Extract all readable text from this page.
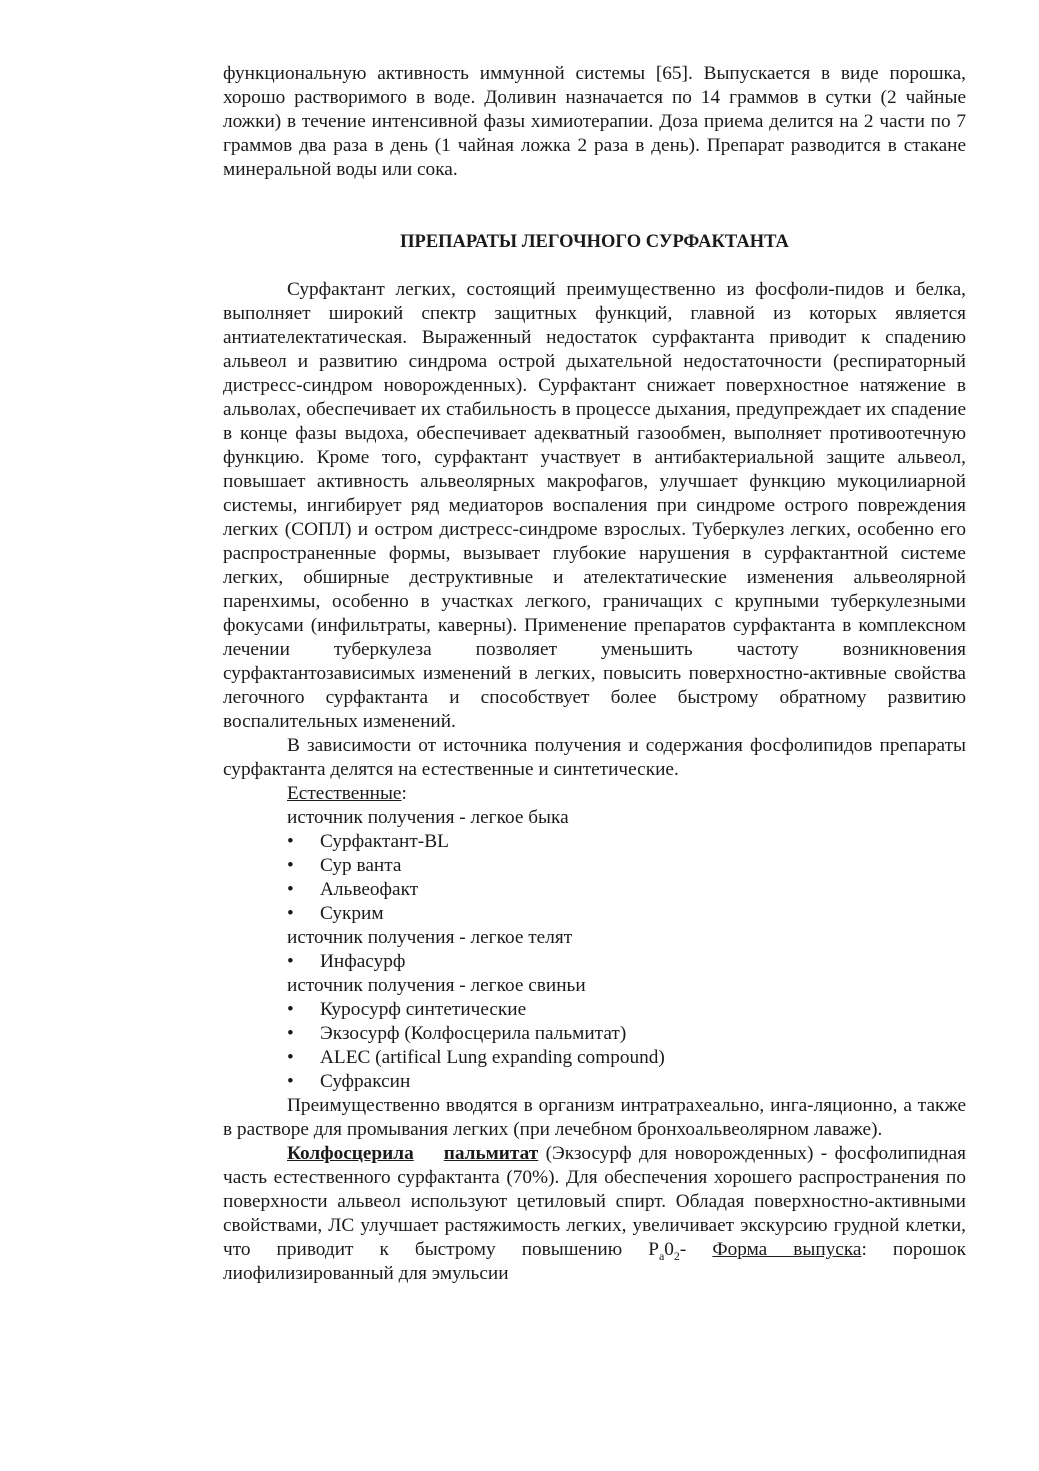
функциональную активность иммунной системы [65]. Выпускается в виде порошка, хорошо растворимого в воде. Доливин назначается по 14 граммов в сутки (2 чайные ложки) в течение интенсивной фазы химиотерапии. Доза приема делится на 2 части по 7 граммов два раза в день (1 чайная ложка 2 раза в день). Препарат разводится в стакане минеральной воды или сока.

ПРЕПАРАТЫ ЛЕГОЧНОГО СУРФАКТАНТА

Сурфактант легких, состоящий преимущественно из фосфоли-пидов и белка, выполняет широкий спектр защитных функций, главной из которых является антиателектатическая. Выраженный недостаток сурфактанта приводит к спадению альвеол и развитию синдрома острой дыхательной недостаточности (респираторный дистресс-синдром новорожденных). Сурфактант снижает поверхностное натяжение в альволах, обеспечивает их стабильность в процессе дыхания, предупреждает их спадение в конце фазы выдоха, обеспечивает адекватный газообмен, выполняет противоотечную функцию. Кроме того, сурфактант участвует в антибактериальной защите альвеол, повышает активность альвеолярных макрофагов, улучшает функцию мукоцилиарной системы, ингибирует ряд медиаторов воспаления при синдроме острого повреждения легких (СОПЛ) и остром дистресс-синдроме взрослых. Туберкулез легких, особенно его распространенные формы, вызывает глубокие нарушения в сурфактантной системе легких, обширные деструктивные и ателектатические изменения альвеолярной паренхимы, особенно в участках легкого, граничащих с крупными туберкулезными фокусами (инфильтраты, каверны). Применение препаратов сурфактанта в комплексном лечении туберкулеза позволяет уменьшить частоту возникновения сурфактантозависимых изменений в легких, повысить поверхностно-активные свойства легочного сурфактанта и способствует более быстрому обратному развитию воспалительных изменений.

В зависимости от источника получения и содержания фосфолипидов препараты сурфактанта делятся на естественные и синтетические.

Естественные:

источник получения - легкое быка

• Сурфактант-BL
• Сур ванта
• Альвеофакт
• Сукрим

источник получения - легкое телят

• Инфасурф

источник получения - легкое свиньи

• Куросурф синтетические
• Экзосурф (Колфосцерила пальмитат)
• ALEC (artifical Lung expanding compound)
• Суфраксин

Преимущественно вводятся в организм интратрахеально, инга-ляционно, а также в растворе для промывания легких (при лечебном бронхоальвеолярном лаваже).

Колфосцерила пальмитат (Экзосурф для новорожденных) - фосфолипидная часть естественного сурфактанта (70%). Для обеспечения хорошего распространения по поверхности альвеол используют цетиловый спирт. Обладая поверхностно-активными свойствами, ЛС улучшает растяжимость легких, увеличивает экскурсию грудной клетки, что приводит к быстрому повышению $P_a0_2-$ Форма выпуска: порошок лиофилизированный для эмульсии
